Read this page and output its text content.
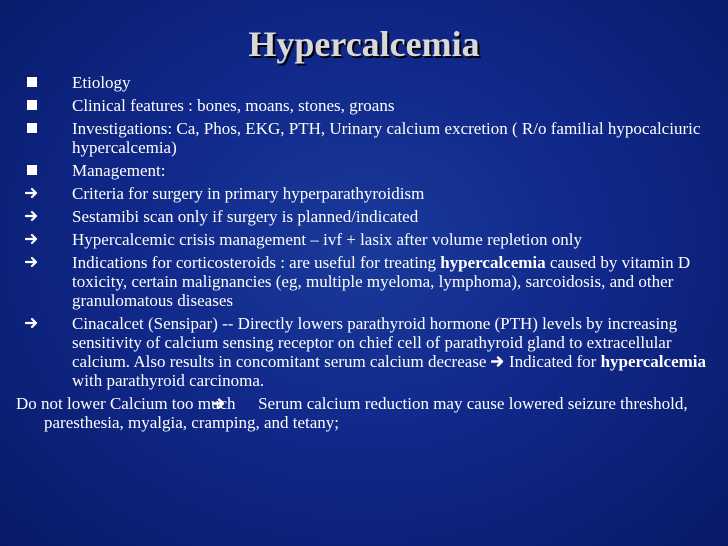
Hypercalcemia
Etiology
Clinical features : bones, moans, stones, groans
Investigations: Ca, Phos, EKG, PTH, Urinary calcium excretion ( R/o familial hypocalciuric hypercalcemia)
Management:
Criteria for surgery in primary hyperparathyroidism
Sestamibi scan only if surgery is planned/indicated
Hypercalcemic crisis management – ivf + lasix after volume repletion only
Indications for corticosteroids : are useful for treating hypercalcemia caused by vitamin D toxicity, certain malignancies (eg, multiple myeloma, lymphoma), sarcoidosis, and other granulomatous diseases
Cinacalcet (Sensipar) -- Directly lowers parathyroid hormone (PTH) levels by increasing sensitivity of calcium sensing receptor on chief cell of parathyroid gland to extracellular calcium. Also results in concomitant serum calcium decrease  Indicated for hypercalcemia with parathyroid carcinoma.
Do not lower Calcium too much  Serum calcium reduction may cause lowered seizure threshold, paresthesia, myalgia, cramping, and tetany;
